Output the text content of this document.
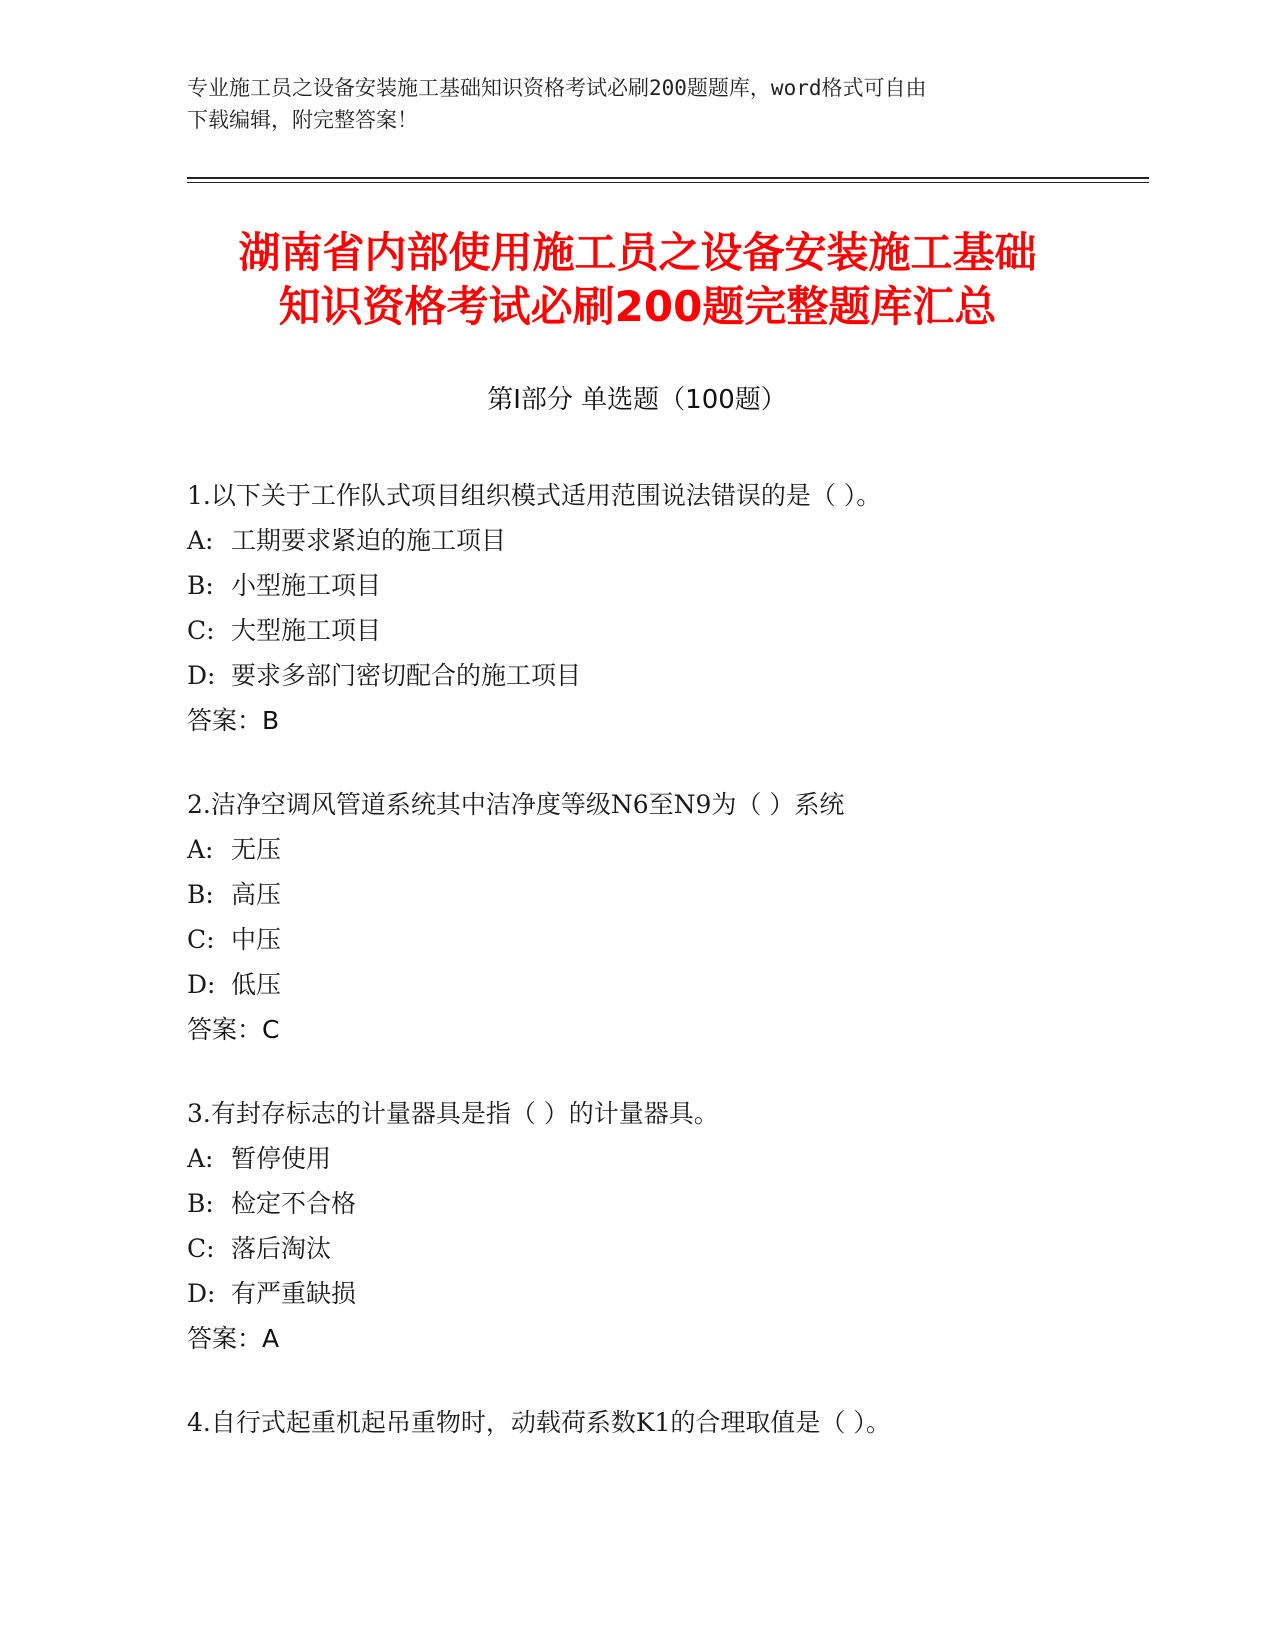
专业施工员之设备安装施工基础知识资格考试必刷200题题库，word格式可自由
下载编辑，附完整答案！
湖南省内部使用施工员之设备安装施工基础
知识资格考试必刷200题完整题库汇总
第Ⅰ部分 单选题（100题）
1.以下关于工作队式项目组织模式适用范围说法错误的是（ ）。
A: 工期要求紧迫的施工项目
B: 小型施工项目
C: 大型施工项目
D: 要求多部门密切配合的施工项目
答案：B
2.洁净空调风管道系统其中洁净度等级N6至N9为（ ）系统
A: 无压
B: 高压
C: 中压
D: 低压
答案：C
3.有封存标志的计量器具是指（ ）的计量器具。
A: 暂停使用
B: 检定不合格
C: 落后淘汰
D: 有严重缺损
答案：A
4.自行式起重机起吊重物时，动载荷系数K1的合理取值是（ ）。
